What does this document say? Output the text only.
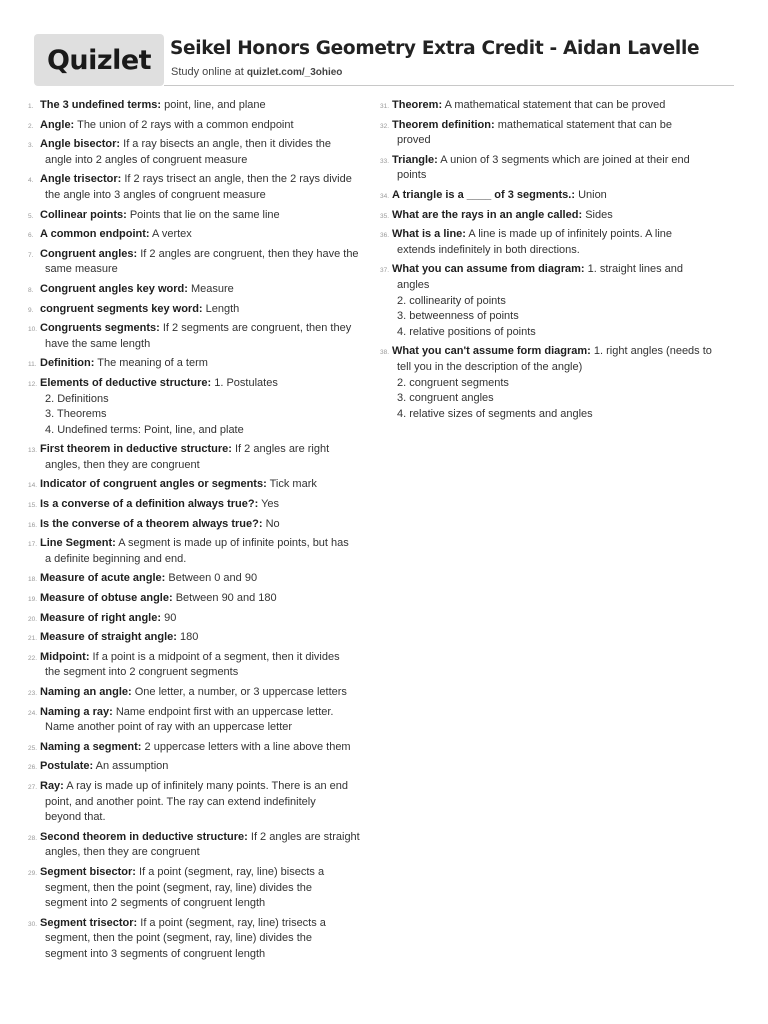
Quizlet	Seikel Honors Geometry Extra Credit - Aidan Lavelle
Study online at quizlet.com/_3ohieo
1. The 3 undefined terms: point, line, and plane
2. Angle: The union of 2 rays with a common endpoint
3. Angle bisector: If a ray bisects an angle, then it divides the
angle into 2 angles of congruent measure
4. Angle trisector: If 2 rays trisect an angle, then the 2 rays divide
the angle into 3 angles of congruent measure
5. Collinear points: Points that lie on the same line
6. A common endpoint: A vertex
7. Congruent angles: If 2 angles are congruent, then they have the
same measure
8. Congruent angles key word: Measure
9. congruent segments key word: Length
10. Congruents segments: If 2 segments are congruent, then they
have the same length
11. Definition: The meaning of a term
12. Elements of deductive structure: 1. Postulates
2. Definitions
3. Theorems
4. Undefined terms: Point, line, and plate
13. First theorem in deductive structure: If 2 angles are right
angles, then they are congruent
14. Indicator of congruent angles or segments: Tick mark
15. Is a converse of a definition always true?: Yes
16. Is the converse of a theorem always true?: No
17. Line Segment: A segment is made up of infinite points, but has
a definite beginning and end.
18. Measure of acute angle: Between 0 and 90
19. Measure of obtuse angle: Between 90 and 180
20. Measure of right angle: 90
21. Measure of straight angle: 180
22. Midpoint: If a point is a midpoint of a segment, then it divides
the segment into 2 congruent segments
23. Naming an angle: One letter, a number, or 3 uppercase letters
24. Naming a ray: Name endpoint first with an uppercase letter.
Name another point of ray with an uppercase letter
25. Naming a segment: 2 uppercase letters with a line above them
26. Postulate: An assumption
27. Ray: A ray is made up of infinitely many points. There is an end
point, and another point. The ray can extend indefinitely
beyond that.
28. Second theorem in deductive structure: If 2 angles are straight
angles, then they are congruent
29. Segment bisector: If a point (segment, ray, line) bisects a
segment, then the point (segment, ray, line) divides the
segment into 2 segments of congruent length
30. Segment trisector: If a point (segment, ray, line) trisects a
segment, then the point (segment, ray, line) divides the
segment into 3 segments of congruent length
31. Theorem: A mathematical statement that can be proved
32. Theorem definition: mathematical statement that can be
proved
33. Triangle: A union of 3 segments which are joined at their end
points
34. A triangle is a ____ of 3 segments.: Union
35. What are the rays in an angle called: Sides
36. What is a line: A line is made up of infinitely points. A line
extends indefinitely in both directions.
37. What you can assume from diagram: 1. straight lines and
angles
2. collinearity of points
3. betweenness of points
4. relative positions of points
38. What you can't assume form diagram: 1. right angles (needs to
tell you in the description of the angle)
2. congruent segments
3. congruent angles
4. relative sizes of segments and angles
